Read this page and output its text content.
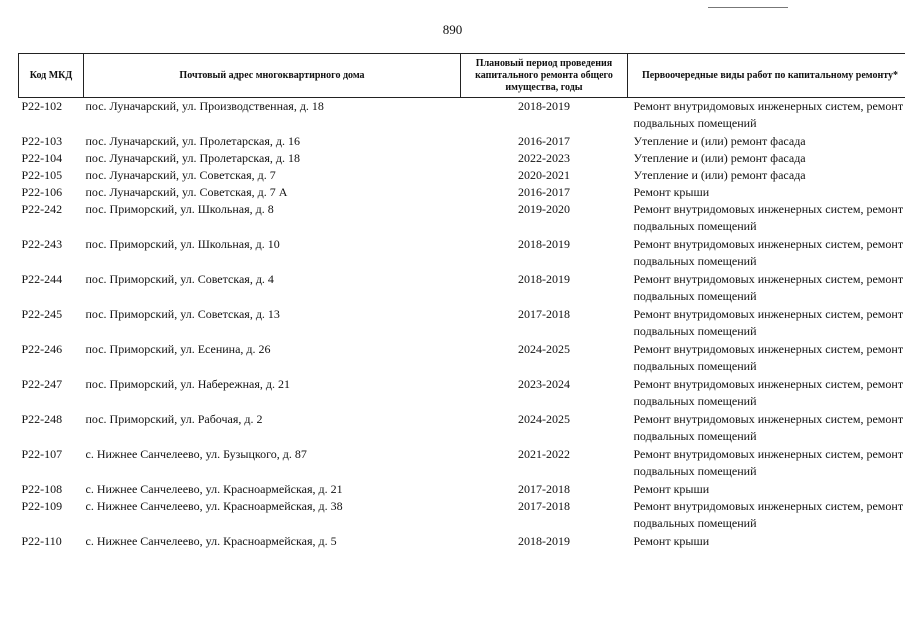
890
Код МКД	Почтовый адрес многоквартирного дома	Плановый период проведения капитального ремонта общего имущества, годы	Первоочередные виды работ по капитальному ремонту*
Р22-102	пос. Луначарский, ул. Производственная, д. 18	2018-2019	Ремонт внутридомовых инженерных систем, ремонт подвальных помещений
Р22-103	пос. Луначарский, ул. Пролетарская, д. 16	2016-2017	Утепление и (или) ремонт фасада
Р22-104	пос. Луначарский, ул. Пролетарская, д. 18	2022-2023	Утепление и (или) ремонт фасада
Р22-105	пос. Луначарский, ул. Советская, д. 7	2020-2021	Утепление и (или) ремонт фасада
Р22-106	пос. Луначарский, ул. Советская, д. 7 А	2016-2017	Ремонт крыши
Р22-242	пос. Приморский, ул. Школьная, д. 8	2019-2020	Ремонт внутридомовых инженерных систем, ремонт подвальных помещений
Р22-243	пос. Приморский, ул. Школьная, д. 10	2018-2019	Ремонт внутридомовых инженерных систем, ремонт подвальных помещений
Р22-244	пос. Приморский, ул. Советская, д. 4	2018-2019	Ремонт внутридомовых инженерных систем, ремонт подвальных помещений
Р22-245	пос. Приморский, ул. Советская, д. 13	2017-2018	Ремонт внутридомовых инженерных систем, ремонт подвальных помещений
Р22-246	пос. Приморский, ул. Есенина, д. 26	2024-2025	Ремонт внутридомовых инженерных систем, ремонт подвальных помещений
Р22-247	пос. Приморский, ул. Набережная, д. 21	2023-2024	Ремонт внутридомовых инженерных систем, ремонт подвальных помещений
Р22-248	пос. Приморский, ул. Рабочая, д. 2	2024-2025	Ремонт внутридомовых инженерных систем, ремонт подвальных помещений
Р22-107	с. Нижнее Санчелеево, ул. Бузыцкого, д. 87	2021-2022	Ремонт внутридомовых инженерных систем, ремонт подвальных помещений
Р22-108	с. Нижнее Санчелеево, ул. Красноармейская, д. 21	2017-2018	Ремонт крыши
Р22-109	с. Нижнее Санчелеево, ул. Красноармейская, д. 38	2017-2018	Ремонт внутридомовых инженерных систем, ремонт подвальных помещений
Р22-110	с. Нижнее Санчелеево, ул. Красноармейская, д. 5	2018-2019	Ремонт крыши
